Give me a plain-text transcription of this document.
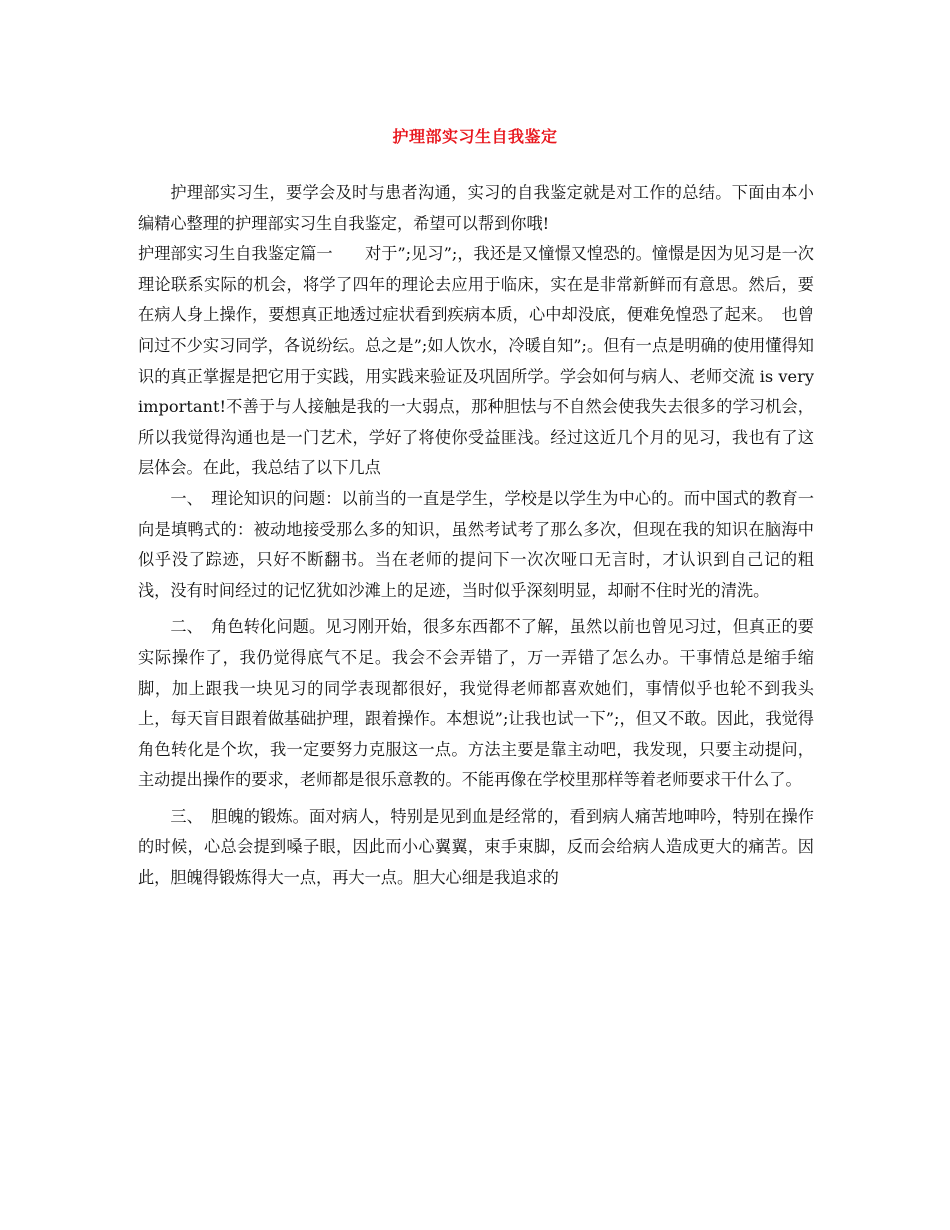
护理部实习生自我鉴定

护理部实习生，要学会及时与患者沟通，实习的自我鉴定就是对工作的总结。下面由本小编精心整理的护理部实习生自我鉴定，希望可以帮到你哦!

护理部实习生自我鉴定篇一　　对于”;见习”;，我还是又憧憬又惶恐的。憧憬是因为见习是一次理论联系实际的机会，将学了四年的理论去应用于临床，实在是非常新鲜而有意思。然后，要在病人身上操作，要想真正地透过症状看到疾病本质，心中却没底，便难免惶恐了起来。　也曾问过不少实习同学，各说纷纭。总之是”;如人饮水，冷暖自知”;。但有一点是明确的使用懂得知识的真正掌握是把它用于实践，用实践来验证及巩固所学。学会如何与病人、老师交流 is very important!不善于与人接触是我的一大弱点，那种胆怯与不自然会使我失去很多的学习机会，所以我觉得沟通也是一门艺术，学好了将使你受益匪浅。经过这近几个月的见习，我也有了这层体会。在此，我总结了以下几点

一、　理论知识的问题：以前当的一直是学生，学校是以学生为中心的。而中国式的教育一向是填鸭式的：被动地接受那么多的知识，虽然考试考了那么多次，但现在我的知识在脑海中似乎没了踪迹，只好不断翻书。当在老师的提问下一次次哑口无言时，才认识到自己记的粗浅，没有时间经过的记忆犹如沙滩上的足迹，当时似乎深刻明显，却耐不住时光的清洗。

二、　角色转化问题。见习刚开始，很多东西都不了解，虽然以前也曾见习过，但真正的要实际操作了，我仍觉得底气不足。我会不会弄错了，万一弄错了怎么办。干事情总是缩手缩脚，加上跟我一块见习的同学表现都很好，我觉得老师都喜欢她们，事情似乎也轮不到我头上，每天盲目跟着做基础护理，跟着操作。本想说”;让我也试一下”;，但又不敢。因此，我觉得角色转化是个坎，我一定要努力克服这一点。方法主要是靠主动吧，我发现，只要主动提问，主动提出操作的要求，老师都是很乐意教的。不能再像在学校里那样等着老师要求干什么了。

三、　胆魄的锻炼。面对病人，特别是见到血是经常的，看到病人痛苦地呻吟，特别在操作的时候，心总会提到嗓子眼，因此而小心翼翼，束手束脚，反而会给病人造成更大的痛苦。因此，胆魄得锻炼得大一点，再大一点。胆大心细是我追求的
